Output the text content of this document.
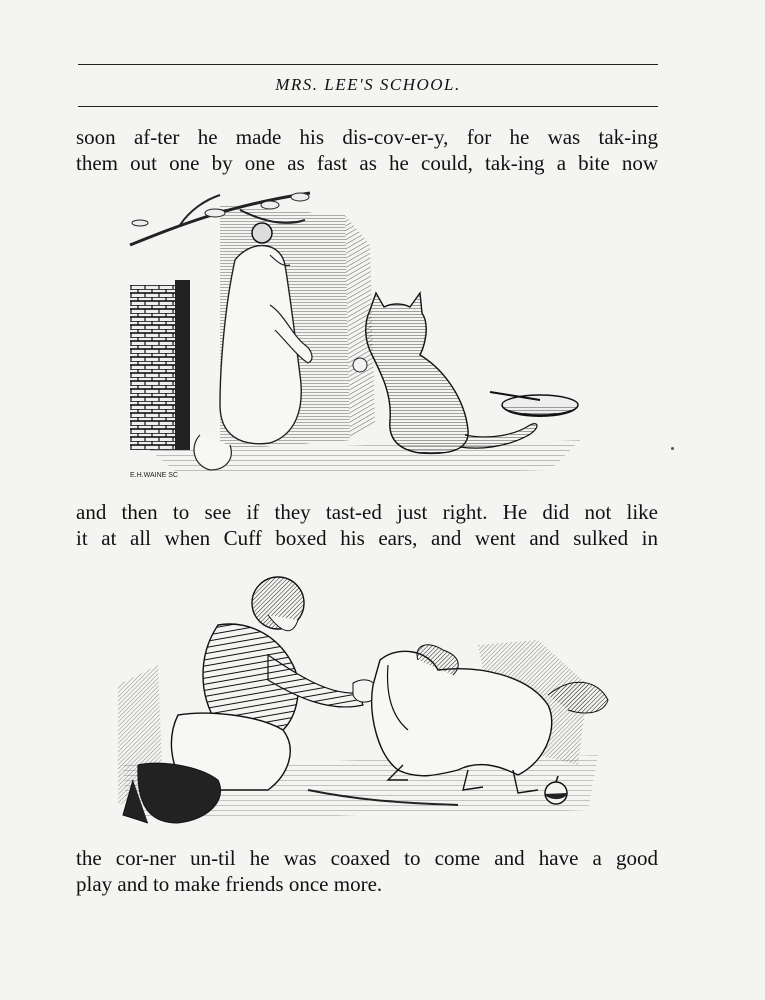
MRS. LEE'S SCHOOL.
soon af-ter he made his dis-cov-er-y, for he was tak-ing
them out one by one as fast as he could, tak-ing a bite now
E.H.WAINE SC
and then to see if they tast-ed just right. He did not like
it at all when Cuff boxed his ears, and went and sulked in
the cor-ner un-til he was coaxed to come and have a good
play and to make friends once more.
